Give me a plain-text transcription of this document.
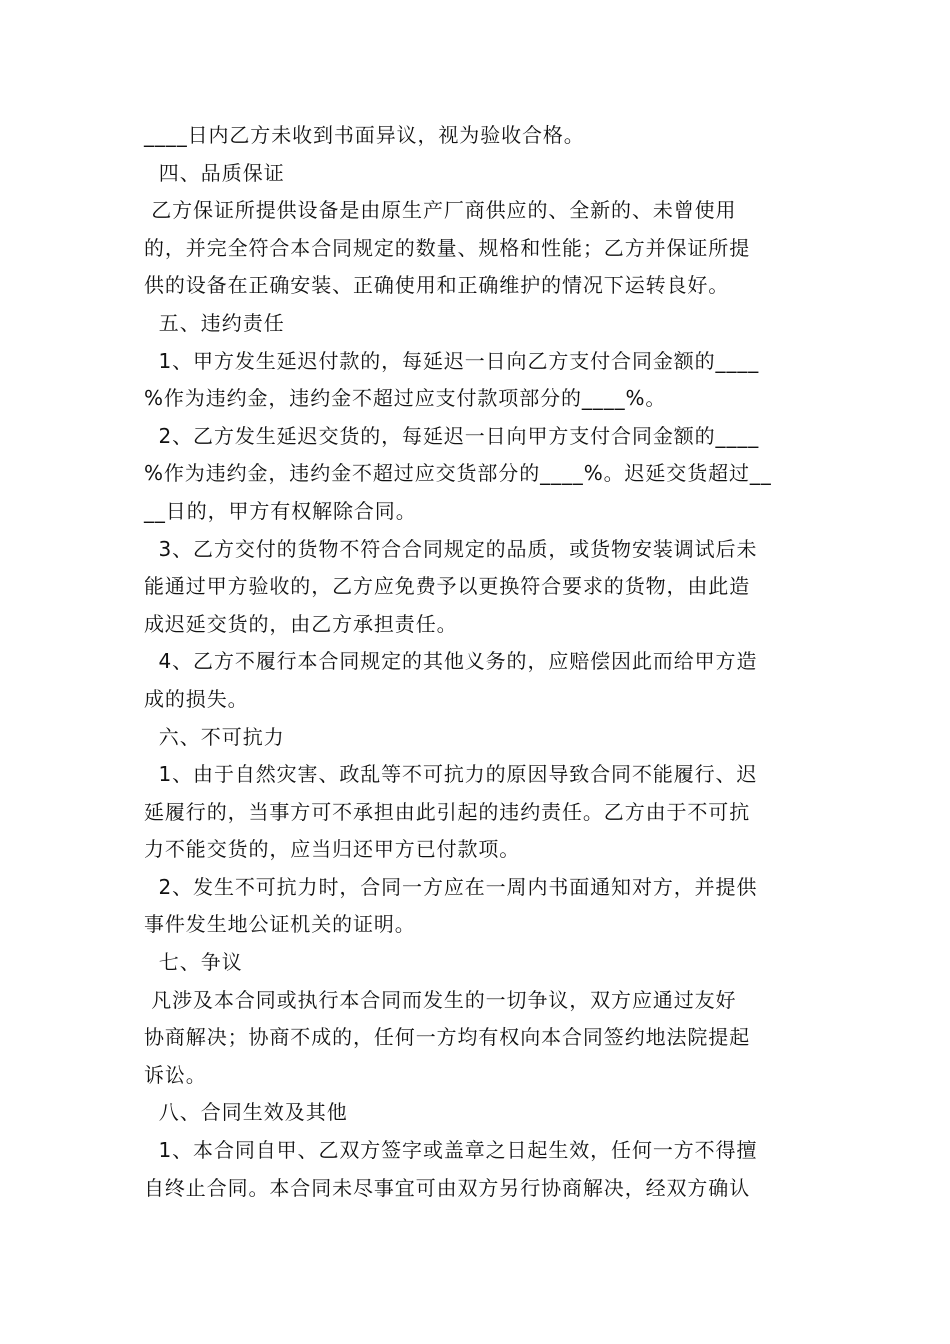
____日内乙方未收到书面异议，视为验收合格。
四、品质保证
乙方保证所提供设备是由原生产厂商供应的、全新的、未曾使用
的，并完全符合本合同规定的数量、规格和性能；乙方并保证所提
供的设备在正确安装、正确使用和正确维护的情况下运转良好。
五、违约责任
1、甲方发生延迟付款的，每延迟一日向乙方支付合同金额的____
%作为违约金，违约金不超过应支付款项部分的____%。
2、乙方发生延迟交货的，每延迟一日向甲方支付合同金额的____
%作为违约金，违约金不超过应交货部分的____%。迟延交货超过__
__日的，甲方有权解除合同。
3、乙方交付的货物不符合合同规定的品质，或货物安装调试后未
能通过甲方验收的，乙方应免费予以更换符合要求的货物，由此造
成迟延交货的，由乙方承担责任。
4、乙方不履行本合同规定的其他义务的，应赔偿因此而给甲方造
成的损失。
六、不可抗力
1、由于自然灾害、政乱等不可抗力的原因导致合同不能履行、迟
延履行的，当事方可不承担由此引起的违约责任。乙方由于不可抗
力不能交货的，应当归还甲方已付款项。
2、发生不可抗力时，合同一方应在一周内书面通知对方，并提供
事件发生地公证机关的证明。
七、争议
凡涉及本合同或执行本合同而发生的一切争议，双方应通过友好
协商解决；协商不成的，任何一方均有权向本合同签约地法院提起
诉讼。
八、合同生效及其他
1、本合同自甲、乙双方签字或盖章之日起生效，任何一方不得擅
自终止合同。本合同未尽事宜可由双方另行协商解决，经双方确认
